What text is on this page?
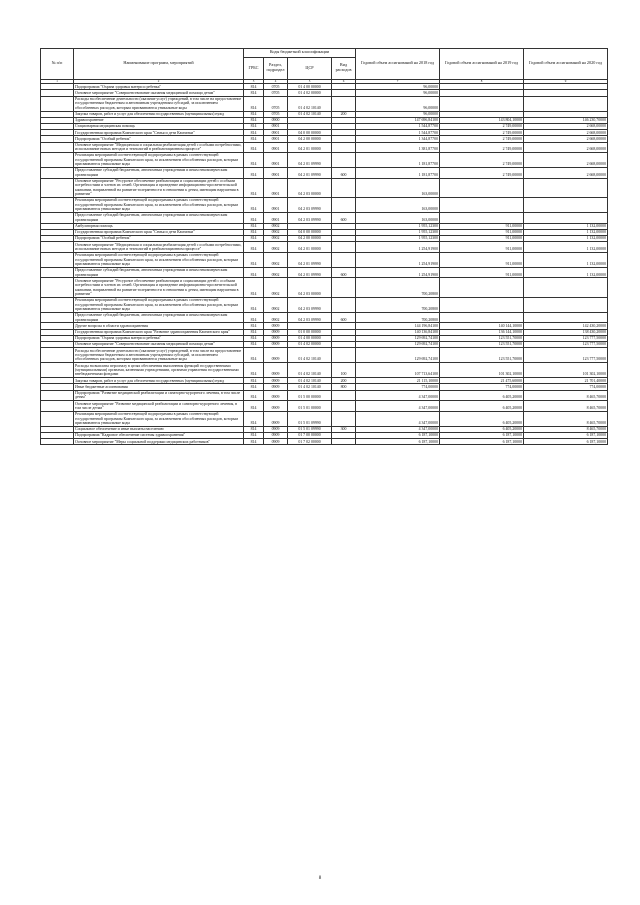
№ п/п	Наименование программ, мероприятий	Коды бюджетной классификации				Годовой объем ассигнований на 2018 год	Годовой объем ассигнований на 2019 год	Годовой объем ассигнований на 2020 год
		ГРБС	Раздел, подраздел	ЦСР	Вид расходов			
1	2	3	4	5	6	7	8	9
	Подпрограмма "Охрана здоровья матери и ребенка"	814	0705	01 4 00 00000		96,00000		
	Основное мероприятие "Совершенствование оказания медицинской помощи детям"	814	0705	01 4 02 00000		96,00000		
	Расходы на обеспечение деятельности (оказание услуг) учреждений, в том числе на предоставление государственным бюджетным и автономным учреждениям субсидий, за исключением обособленных расходов, которым присваиваются уникальные коды	814	0705	01 4 02 10140		96,00000		
	Закупка товаров, работ и услуг для обеспечения государственных (муниципальных) нужд	814	0705	01 4 02 10140	200	96,00000		
	Здравоохранение	814	0900			147 696,84100	143 804,10000	146 230,70000
	Стационарная медицинская помощь	814	0901			1 544,87700	2 749,00000	2 668,00000
	Государственная программа Камчатского края "Семья и дети Камчатки"	814	0901	04 0 00 00000		1 544,87700	2 749,00000	2 668,00000
	Подпрограмма "Особый ребенок"	814	0901	04 2 00 00000		1 344,87700	2 749,00000	2 668,00000
	Основное мероприятие "Медицинская и социальная реабилитация детей с особыми потребностями, использование новых методов и технологий в реабилитационном процессе"	814	0901	04 2 01 00000		1 381,87700	2 749,00000	2 668,00000
	Реализация мероприятий соответствующей подпрограммы в рамках соответствующей государственной программы Камчатского края, за исключением обособленных расходов, которым присваиваются уникальные коды	814	0901	04 2 01 09990		1 181,87700	2 749,00000	2 668,00000
	Предоставление субсидий бюджетным, автономным учреждениям и иным некоммерческим организациям	814	0901	04 2 01 09990	600	1 181,87700	2 749,00000	2 668,00000
	Основное мероприятие "Ресурсное обеспечение реабилитации и социализации детей с особыми потребностями и членов их семей. Организация и проведение информационно-просветительской кампании, направленной на развитие толерантности в отношении к детям, имеющим нарушения в развитии"	814	0901	04 2 03 00000		163,00000		
	Реализация мероприятий соответствующей подпрограммы в рамках соответствующей государственной программы Камчатского края, за исключением обособленных расходов, которым присваиваются уникальные коды	814	0901	04 2 03 09990		163,00000		
	Предоставление субсидий бюджетным, автономным учреждениям и иным некоммерческим организациям	814	0901	04 2 03 09990	600	163,00000		
	Амбулаторная помощь	814	0902			1 955,12300	911,00000	1 132,00000
	Государственная программа Камчатского края "Семья и дети Камчатки"	814	0902	04 0 00 00000		1 955,12300	911,00000	1 132,00000
	Подпрограмма "Особый ребенок"	814	0902	04 2 00 00000		1 955,12300	911,00000	1 132,00000
	Основное мероприятие "Медицинская и социальная реабилитация детей с особыми потребностями, использование новых методов и технологий в реабилитационном процессе"	814	0902	04 2 01 00000		1 254,91900	911,00000	1 132,00000
	Реализация мероприятий соответствующей подпрограммы в рамках соответствующей государственной программы Камчатского края, за исключением обособленных расходов, которым присваиваются уникальные коды	814	0902	04 2 01 09990		1 254,91900	911,00000	1 132,00000
	Предоставление субсидий бюджетным, автономным учреждениям и иным некоммерческим организациям	814	0902	04 2 01 09990	600	1 254,91900	911,00000	1 132,00000
	Основное мероприятие "Ресурсное обеспечение реабилитации и социализации детей с особыми потребностями и членов их семей. Организация и проведение информационно-просветительской кампании, направленной на развитие толерантности в отношении к детям, имеющим нарушения в развитии"	814	0902	04 2 03 00000		700,20800		
	Реализация мероприятий соответствующей подпрограммы в рамках соответствующей государственной программы Камчатского края, за исключением обособленных расходов, которым присваиваются уникальные коды	814	0902	04 2 03 09990		700,20800		
	Предоставление субсидий бюджетным, автономным учреждениям и иным некоммерческим организациям	814	0902	04 2 03 09990	600	700,20800		
	Другие вопросы в области здравоохранения	814	0909			144 196,84100	140 144,10000	142 430,20000
	Государственная программа Камчатского края "Развитие здравоохранения Камчатского края"	814	0909	01 0 00 00000		140 136,84100	136 144,10000	138 430,20000
	Подпрограмма "Охрана здоровья матери и ребенка"	814	0909	01 4 00 00000		129 692,74100	123 551,70000	123 777,50000
	Основное мероприятие "Совершенствование оказания медицинской помощи детям"	814	0909	01 4 02 00000		129 692,74100	123 551,70000	123 777,50000
	Расходы на обеспечение деятельности (оказание услуг) учреждений, в том числе на предоставление государственным бюджетным и автономным учреждениям субсидий, за исключением обособленных расходов, которым присваиваются уникальные коды	814	0909	01 4 02 10140		129 692,74100	123 551,70000	123 777,50000
	Расходы на выплаты персоналу в целях обеспечения выполнения функций государственными (муниципальными) органами, казенными учреждениями, органами управления государственными внебюджетными фондами	814	0909	01 4 02 10140	100	107 713,64100	101 302,10000	101 302,10000
	Закупка товаров, работ и услуг для обеспечения государственных (муниципальных) нужд	814	0909	01 4 02 10140	200	21 115,10000	21 475,60000	21 701,40000
	Иные бюджетные ассигнования	814	0909	01 4 02 10140	800	774,00000	774,00000	774,00000
	Подпрограмма "Развитие медицинской реабилитации и санаторно-курортного лечения, в том числе детям"	814	0909	01 5 00 00000		4 347,00000	6 405,20000	8 465,70000
	Основное мероприятие "Развитие медицинской реабилитации и санаторно-курортного лечения, в том числе детям"	814	0909	01 5 01 00000		4 347,00000	6 405,20000	8 465,70000
	Реализация мероприятий соответствующей подпрограммы в рамках соответствующей государственной программы Камчатского края, за исключением обособленных расходов, которым присваиваются уникальные коды	814	0909	01 5 01 09990		4 347,00000	6 405,20000	8 465,70000
	Социальное обеспечение и иные выплаты населению	814	0909	01 5 01 09990	300	4 347,00000	6 405,20000	8 465,70000
	Подпрограмма "Кадровое обеспечение системы здравоохранения"	814	0909	01 7 00 00000		6 187,10000	6 187,10000	6 187,10000
	Основное мероприятие "Меры социальной поддержки медицинских работников"	814	0909	01 7 02 00000		6 187,10000	6 187,10000	6 187,10000
8
